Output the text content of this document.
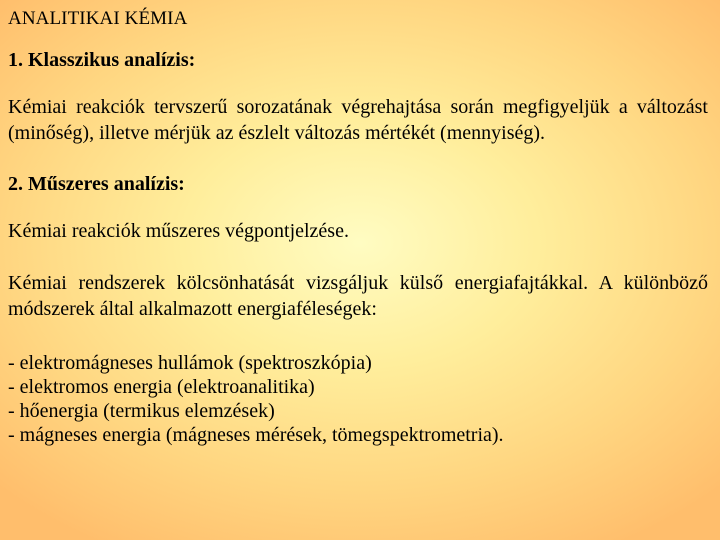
ANALITIKAI KÉMIA
1. Klasszikus analízis:

Kémiai reakciók tervszerű sorozatának végrehajtása során megfigyeljük a változást (minőség), illetve mérjük az észlelt változás mértékét (mennyiség).

2. Műszeres analízis:

Kémiai reakciók műszeres végpontjelzése.

Kémiai rendszerek kölcsönhatását vizsgáljuk külső energiafajtákkal. A különböző módszerek által alkalmazott energiaféleségek:

- elektromágneses hullámok (spektroszkópia)
- elektromos energia (elektroanalitika)
- hőenergia (termikus elemzések)
- mágneses energia (mágneses mérések, tömegspektrometria).
